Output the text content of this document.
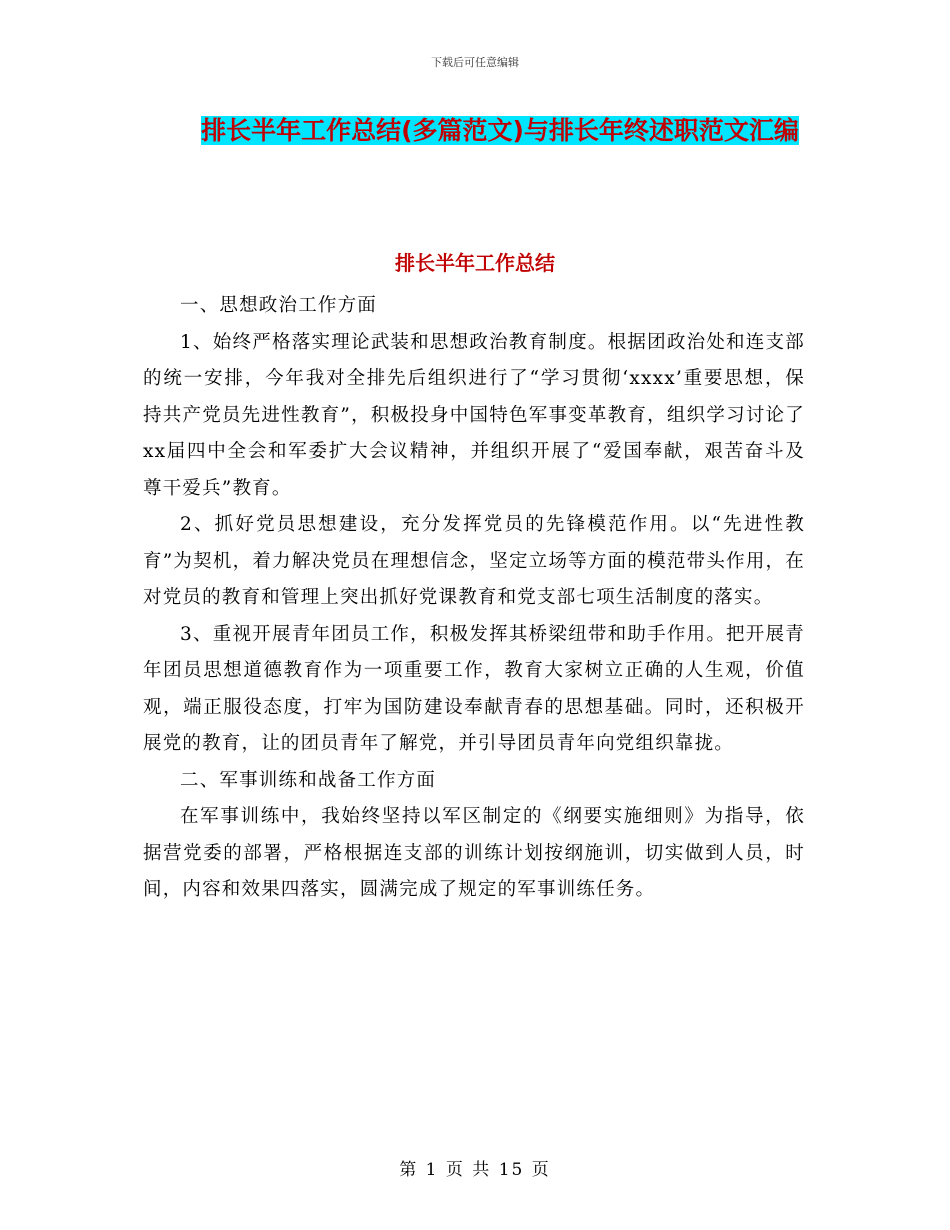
下载后可任意编辑
排长半年工作总结(多篇范文)与排长年终述职范文汇编
排长半年工作总结

一、思想政治工作方面

1、始终严格落实理论武装和思想政治教育制度。根据团政治处和连支部的统一安排，今年我对全排先后组织进行了“学习贯彻‘xxxx’重要思想，保持共产党员先进性教育”，积极投身中国特色军事变革教育，组织学习讨论了xx届四中全会和军委扩大会议精神，并组织开展了“爱国奉献，艰苦奋斗及尊干爱兵”教育。

2、抓好党员思想建设，充分发挥党员的先锋模范作用。以“先进性教育”为契机，着力解决党员在理想信念，坚定立场等方面的模范带头作用，在对党员的教育和管理上突出抓好党课教育和党支部七项生活制度的落实。

3、重视开展青年团员工作，积极发挥其桥梁纽带和助手作用。把开展青年团员思想道德教育作为一项重要工作，教育大家树立正确的人生观，价值观，端正服役态度，打牢为国防建设奉献青春的思想基础。同时，还积极开展党的教育，让的团员青年了解党，并引导团员青年向党组织靠拢。

二、军事训练和战备工作方面

在军事训练中，我始终坚持以军区制定的《纲要实施细则》为指导，依据营党委的部署，严格根据连支部的训练计划按纲施训，切实做到人员，时间，内容和效果四落实，圆满完成了规定的军事训练任务。

第 1 页 共 15 页
